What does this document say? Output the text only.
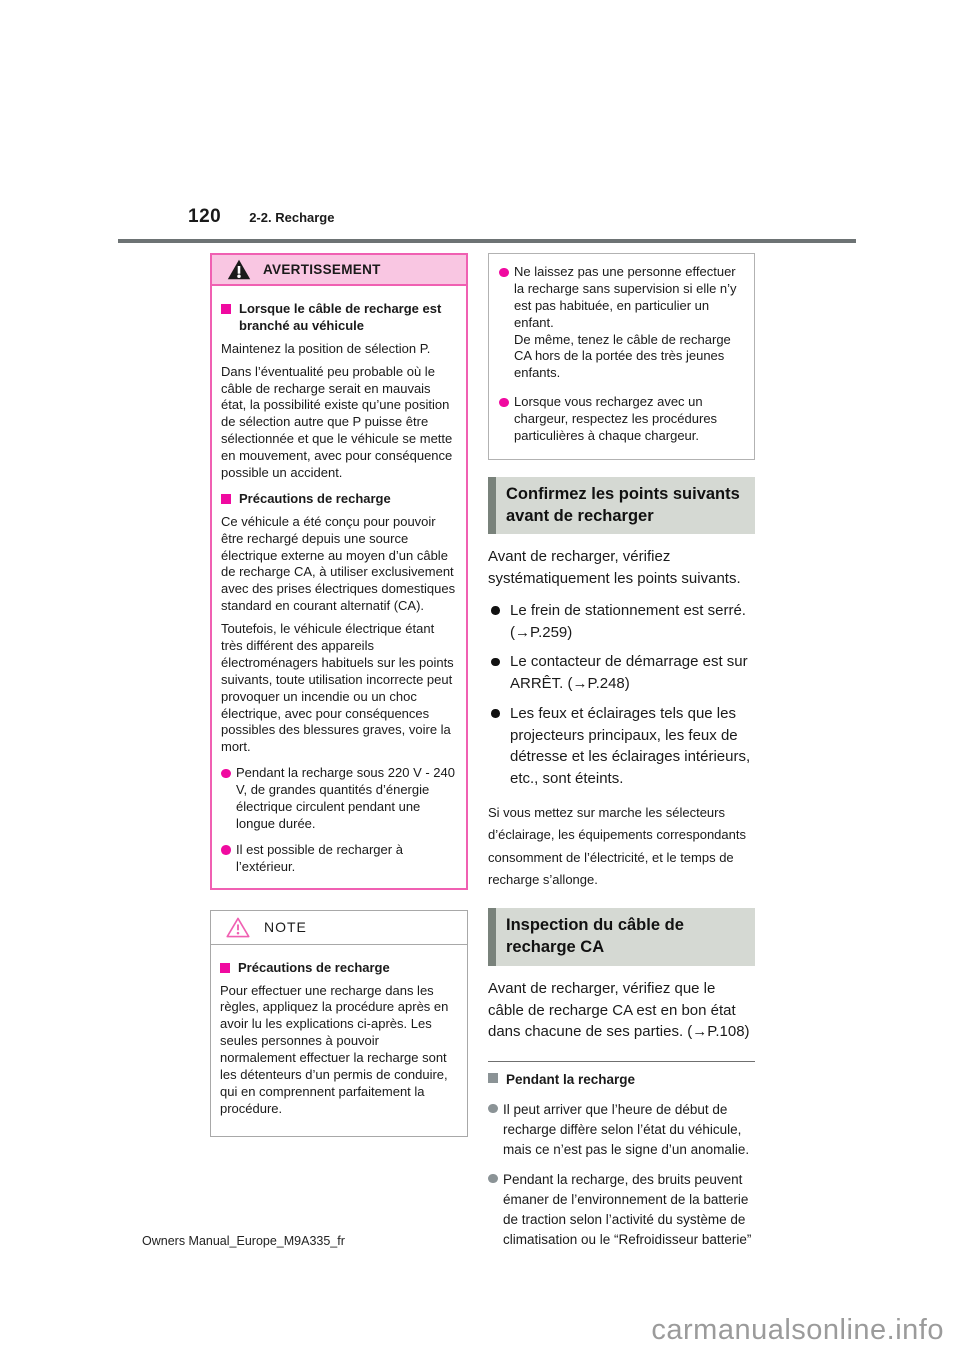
120 2-2. Recharge
AVERTISSEMENT
Lorsque le câble de recharge est branché au véhicule

Maintenez la position de sélection P.

Dans l’éventualité peu probable où le câble de recharge serait en mauvais état, la possibilité existe qu’une position de sélection autre que P puisse être sélectionnée et que le véhicule se mette en mouvement, avec pour conséquence possible un accident.

Précautions de recharge

Ce véhicule a été conçu pour pouvoir être rechargé depuis une source électrique externe au moyen d’un câble de recharge CA, à utiliser exclusivement avec des prises électriques domestiques standard en courant alternatif (CA).

Toutefois, le véhicule électrique étant très différent des appareils électroménagers habituels sur les points suivants, toute utilisation incorrecte peut provoquer un incendie ou un choc électrique, avec pour conséquences possibles des blessures graves, voire la mort.

Pendant la recharge sous 220 V - 240 V, de grandes quantités d’énergie électrique circulent pendant une longue durée.

Il est possible de recharger à l’extérieur.

NOTE
Précautions de recharge

Pour effectuer une recharge dans les règles, appliquez la procédure après en avoir lu les explications ci-après. Les seules personnes à pouvoir normalement effectuer la recharge sont les détenteurs d’un permis de conduire, qui en comprennent parfaitement la procédure.

Ne laissez pas une personne effectuer la recharge sans supervision si elle n’y est pas habituée, en particulier un enfant.

De même, tenez le câble de recharge CA hors de la portée des très jeunes enfants.

Lorsque vous rechargez avec un chargeur, respectez les procédures particulières à chaque chargeur.

Confirmez les points suivants avant de recharger

Avant de recharger, vérifiez systématiquement les points suivants.

Le frein de stationnement est serré. (→P.259)
Le contacteur de démarrage est sur ARRÊT. (→P.248)
Les feux et éclairages tels que les projecteurs principaux, les feux de détresse et les éclairages intérieurs, etc., sont éteints.

Si vous mettez sur marche les sélecteurs d’éclairage, les équipements correspondants consomment de l’électricité, et le temps de recharge s’allonge.

Inspection du câble de recharge CA

Avant de recharger, vérifiez que le câble de recharge CA est en bon état dans chacune de ses parties. (→P.108)

Pendant la recharge

Il peut arriver que l’heure de début de recharge diffère selon l’état du véhicule, mais ce n’est pas le signe d’un anomalie.

Pendant la recharge, des bruits peuvent émaner de l’environnement de la batterie de traction selon l’activité du système de climatisation ou le “Refroidisseur batterie”

Owners Manual_Europe_M9A335_fr
carmanualsonline.info
